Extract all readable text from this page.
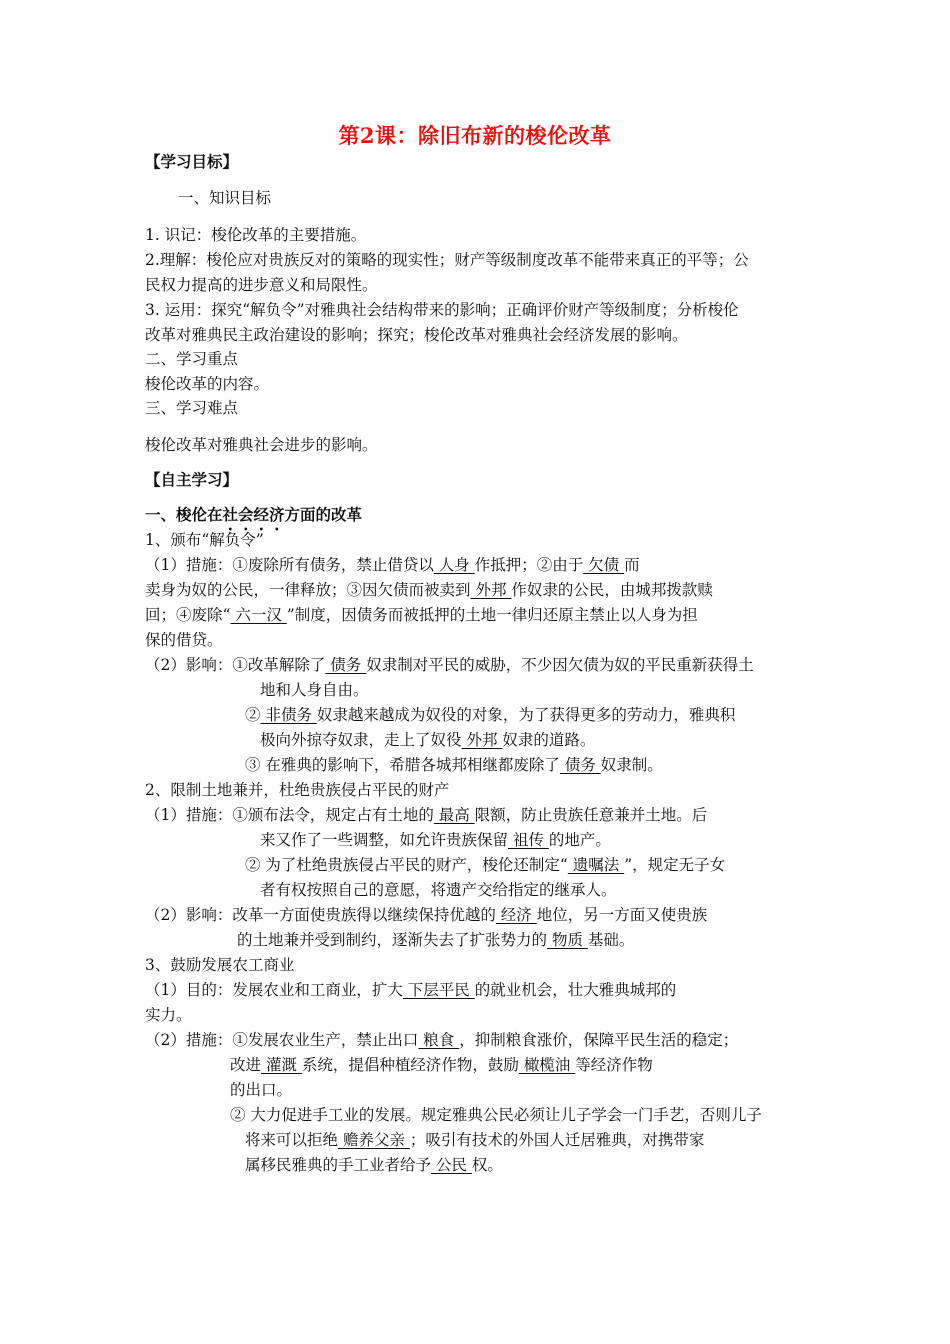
第2课：除旧布新的梭伦改革
【学习目标】
一、知识目标
1. 识记：梭伦改革的主要措施。
2.理解：梭伦应对贵族反对的策略的现实性；财产等级制度改革不能带来真正的平等；公
民权力提高的进步意义和局限性。
3. 运用：探究“解负令”对雅典社会结构带来的影响；正确评价财产等级制度；分析梭伦
改革对雅典民主政治建设的影响；探究；梭伦改革对雅典社会经济发展的影响。
二、学习重点
梭伦改革的内容。
三、学习难点
梭伦改革对雅典社会进步的影响。
【自主学习】
一、梭伦在社会经济方面的改革
1、颁布“解负令”
（1）措施：①废除所有债务，禁止借贷以 人身 作抵押；②由于 欠债 而
卖身为奴的公民，一律释放；③因欠债而被卖到 外邦 作奴隶的公民，由城邦拨款赎
回；④废除“ 六一汉 ”制度，因债务而被抵押的土地一律归还原主禁止以人身为担
保的借贷。
（2）影响：①改革解除了 债务 奴隶制对平民的威胁，不少因欠债为奴的平民重新获得土
地和人身自由。
② 非债务 奴隶越来越成为奴役的对象，为了获得更多的劳动力，雅典积
极向外掠夺奴隶，走上了奴役 外邦 奴隶的道路。
③ 在雅典的影响下，希腊各城邦相继都废除了 债务 奴隶制。
2、限制土地兼并，杜绝贵族侵占平民的财产
（1）措施：①颁布法令，规定占有土地的 最高 限额，防止贵族任意兼并土地。后
来又作了一些调整，如允许贵族保留 祖传 的地产。
② 为了杜绝贵族侵占平民的财产，梭伦还制定“ 遗嘱法 ”，规定无子女
者有权按照自己的意愿，将遗产交给指定的继承人。
（2）影响：改革一方面使贵族得以继续保持优越的 经济 地位，另一方面又使贵族
的土地兼并受到制约，逐渐失去了扩张势力的 物质 基础。
3、鼓励发展农工商业
（1）目的：发展农业和工商业，扩大 下层平民 的就业机会，壮大雅典城邦的
实力。
（2）措施：①发展农业生产，禁止出口 粮食 ，抑制粮食涨价，保障平民生活的稳定；
改进 灌溉 系统，提倡种植经济作物，鼓励 橄榄油 等经济作物
的出口。
② 大力促进手工业的发展。规定雅典公民必须让儿子学会一门手艺，否则儿子
将来可以拒绝 赡养父亲 ；吸引有技术的外国人迁居雅典，对携带家
属移民雅典的手工业者给予 公民 权。
